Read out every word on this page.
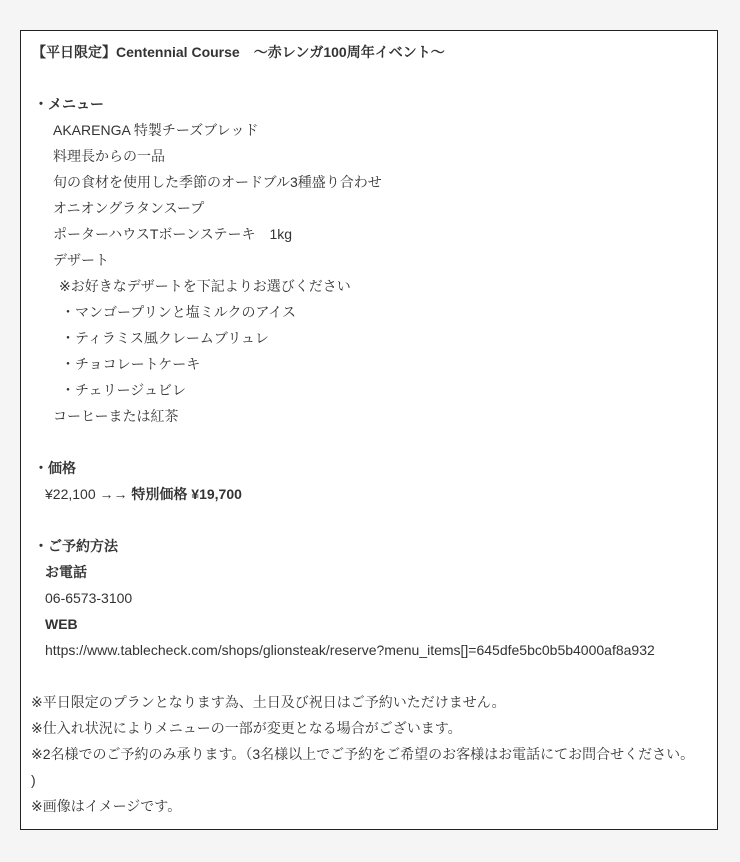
【平日限定】Centennial Course　〜赤レンガ100周年イベント〜
・メニュー
AKARENGA 特製チーズブレッド
料理長からの一品
旬の食材を使用した季節のオードブル3種盛り合わせ
オニオングラタンスープ
ポーターハウスTボーンステーキ　1kg
デザート
※お好きなデザートを下記よりお選びください
・マンゴープリンと塩ミルクのアイス
・ティラミス風クレームブリュレ
・チョコレートケーキ
・チェリージュビレ
コーヒーまたは紅茶
・価格
¥22,100 →→ 特別価格 ¥19,700
・ご予約方法
お電話
06-6573-3100
WEB
https://www.tablecheck.com/shops/glionsteak/reserve?menu_items[]=645dfe5bc0b5b4000af8a932
※平日限定のプランとなります為、土日及び祝日はご予約いただけません。
※仕入れ状況によりメニューの一部が変更となる場合がございます。
※2名様でのご予約のみ承ります。（3名様以上でご予約をご希望のお客様はお電話にてお問合せください。
)
※画像はイメージです。
